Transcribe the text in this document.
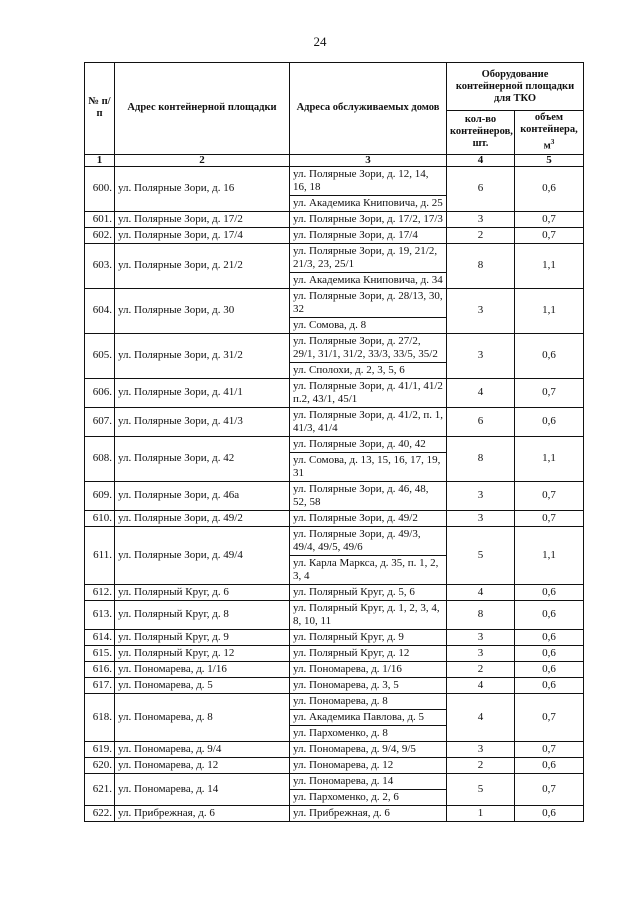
24
№ п/п	Адрес контейнерной площадки	Адреса обслуживаемых домов	Оборудование контейнерной площадки для ТКО	
			кол-во контейнеров, шт.	объем контейнера, $м^3$
1	2	3	4	5
600.	ул. Полярные Зори, д. 16	ул. Полярные Зори, д. 12, 14, 16, 18	6	0,6
		ул. Академика Книповича, д. 25		
601.	ул. Полярные Зори, д. 17/2	ул. Полярные Зори, д. 17/2, 17/3	3	0,7
602.	ул. Полярные Зори, д. 17/4	ул. Полярные Зори, д. 17/4	2	0,7
603.	ул. Полярные Зори, д. 21/2	ул. Полярные Зори, д. 19, 21/2, 21/3, 23, 25/1	8	1,1
		ул. Академика Книповича, д. 34		
604.	ул. Полярные Зори, д. 30	ул. Полярные Зори, д. 28/13, 30, 32	3	1,1
		ул. Сомова, д. 8		
605.	ул. Полярные Зори, д. 31/2	ул. Полярные Зори, д. 27/2, 29/1, 31/1, 31/2, 33/3, 33/5, 35/2	3	0,6
		ул. Сполохи, д. 2, 3, 5, 6		
606.	ул. Полярные Зори, д. 41/1	ул. Полярные Зори, д. 41/1, 41/2 п.2, 43/1, 45/1	4	0,7
607.	ул. Полярные Зори, д. 41/3	ул. Полярные Зори, д. 41/2, п. 1, 41/3, 41/4	6	0,6
608.	ул. Полярные Зори, д. 42	ул. Полярные Зори, д. 40, 42	8	1,1
		ул. Сомова, д. 13, 15, 16, 17, 19, 31		
609.	ул. Полярные Зори, д. 46а	ул. Полярные Зори, д. 46, 48, 52, 58	3	0,7
610.	ул. Полярные Зори, д. 49/2	ул. Полярные Зори, д. 49/2	3	0,7
611.	ул. Полярные Зори, д. 49/4	ул. Полярные Зори, д. 49/3, 49/4, 49/5, 49/6	5	1,1
		ул. Карла Маркса, д. 35, п. 1, 2, 3, 4		
612.	ул. Полярный Круг, д. 6	ул. Полярный Круг, д. 5, 6	4	0,6
613.	ул. Полярный Круг, д. 8	ул. Полярный Круг, д. 1, 2, 3, 4, 8, 10, 11	8	0,6
614.	ул. Полярный Круг, д. 9	ул. Полярный Круг, д. 9	3	0,6
615.	ул. Полярный Круг, д. 12	ул. Полярный Круг, д. 12	3	0,6
616.	ул. Пономарева, д. 1/16	ул. Пономарева, д. 1/16	2	0,6
617.	ул. Пономарева, д. 5	ул. Пономарева, д. 3, 5	4	0,6
618.	ул. Пономарева, д. 8	ул. Пономарева, д. 8	4	0,7
		ул. Академика Павлова, д. 5		
		ул. Пархоменко, д. 8		
619.	ул. Пономарева, д. 9/4	ул. Пономарева, д. 9/4, 9/5	3	0,7
620.	ул. Пономарева, д. 12	ул. Пономарева, д. 12	2	0,6
621.	ул. Пономарева, д. 14	ул. Пономарева, д. 14	5	0,7
		ул. Пархоменко, д. 2, 6		
622.	ул. Прибрежная, д. 6	ул. Прибрежная, д. 6	1	0,6
